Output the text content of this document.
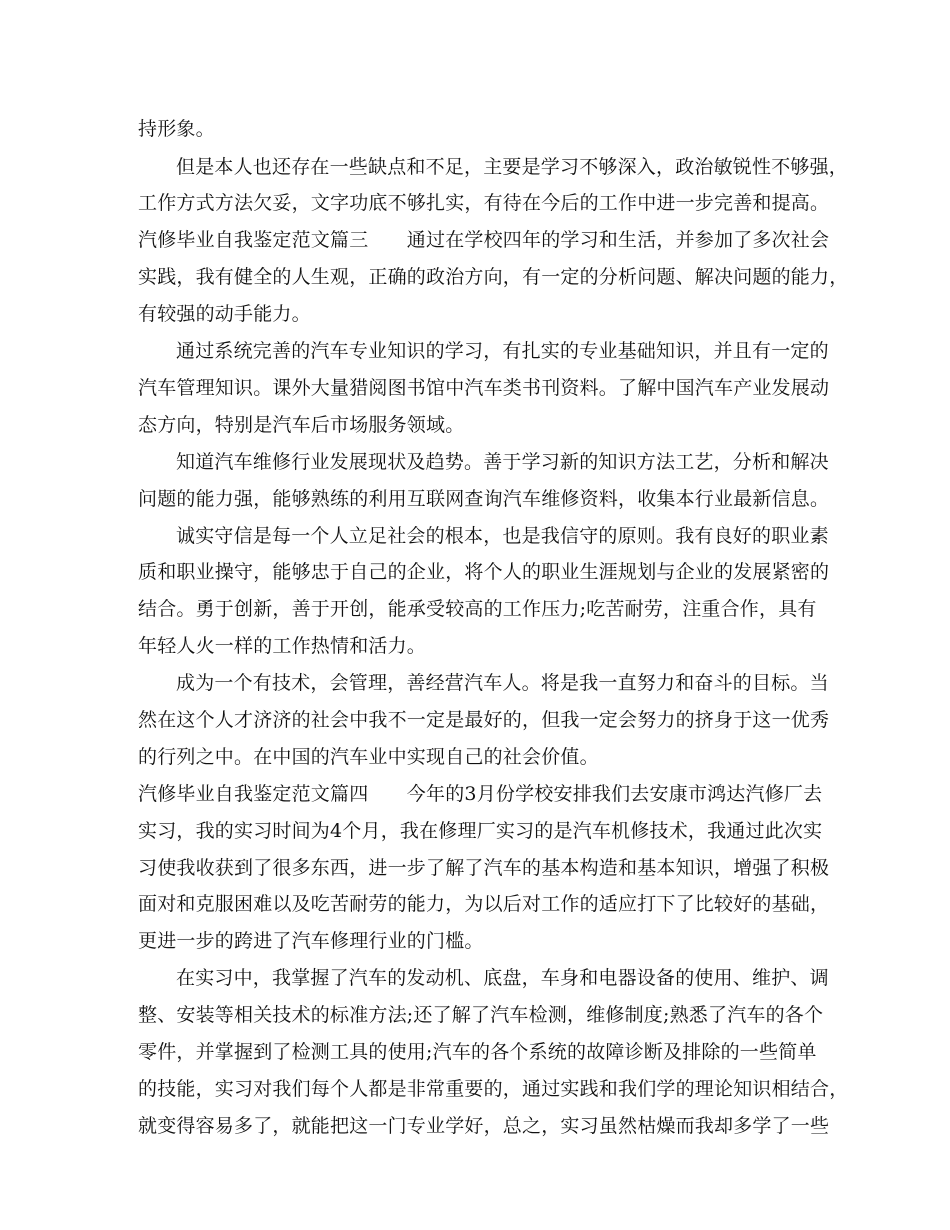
持形象。
但是本人也还存在一些缺点和不足，主要是学习不够深入，政治敏锐性不够强，
工作方式方法欠妥，文字功底不够扎实，有待在今后的工作中进一步完善和提高。
汽修毕业自我鉴定范文篇三　　通过在学校四年的学习和生活，并参加了多次社会
实践，我有健全的人生观，正确的政治方向，有一定的分析问题、解决问题的能力，
有较强的动手能力。
通过系统完善的汽车专业知识的学习，有扎实的专业基础知识，并且有一定的
汽车管理知识。课外大量猎阅图书馆中汽车类书刊资料。了解中国汽车产业发展动
态方向，特别是汽车后市场服务领域。
知道汽车维修行业发展现状及趋势。善于学习新的知识方法工艺，分析和解决
问题的能力强，能够熟练的利用互联网查询汽车维修资料，收集本行业最新信息。
诚实守信是每一个人立足社会的根本，也是我信守的原则。我有良好的职业素
质和职业操守，能够忠于自己的企业，将个人的职业生涯规划与企业的发展紧密的
结合。勇于创新，善于开创，能承受较高的工作压力;吃苦耐劳，注重合作，具有
年轻人火一样的工作热情和活力。
成为一个有技术，会管理，善经营汽车人。将是我一直努力和奋斗的目标。当
然在这个人才济济的社会中我不一定是最好的，但我一定会努力的挤身于这一优秀
的行列之中。在中国的汽车业中实现自己的社会价值。
汽修毕业自我鉴定范文篇四　　今年的3月份学校安排我们去安康市鸿达汽修厂去
实习，我的实习时间为4个月，我在修理厂实习的是汽车机修技术，我通过此次实
习使我收获到了很多东西，进一步了解了汽车的基本构造和基本知识，增强了积极
面对和克服困难以及吃苦耐劳的能力，为以后对工作的适应打下了比较好的基础，
更进一步的跨进了汽车修理行业的门槛。
在实习中，我掌握了汽车的发动机、底盘，车身和电器设备的使用、维护、调
整、安装等相关技术的标准方法;还了解了汽车检测，维修制度;熟悉了汽车的各个
零件，并掌握到了检测工具的使用;汽车的各个系统的故障诊断及排除的一些简单
的技能，实习对我们每个人都是非常重要的，通过实践和我们学的理论知识相结合，
就变得容易多了，就能把这一门专业学好，总之，实习虽然枯燥而我却多学了一些
